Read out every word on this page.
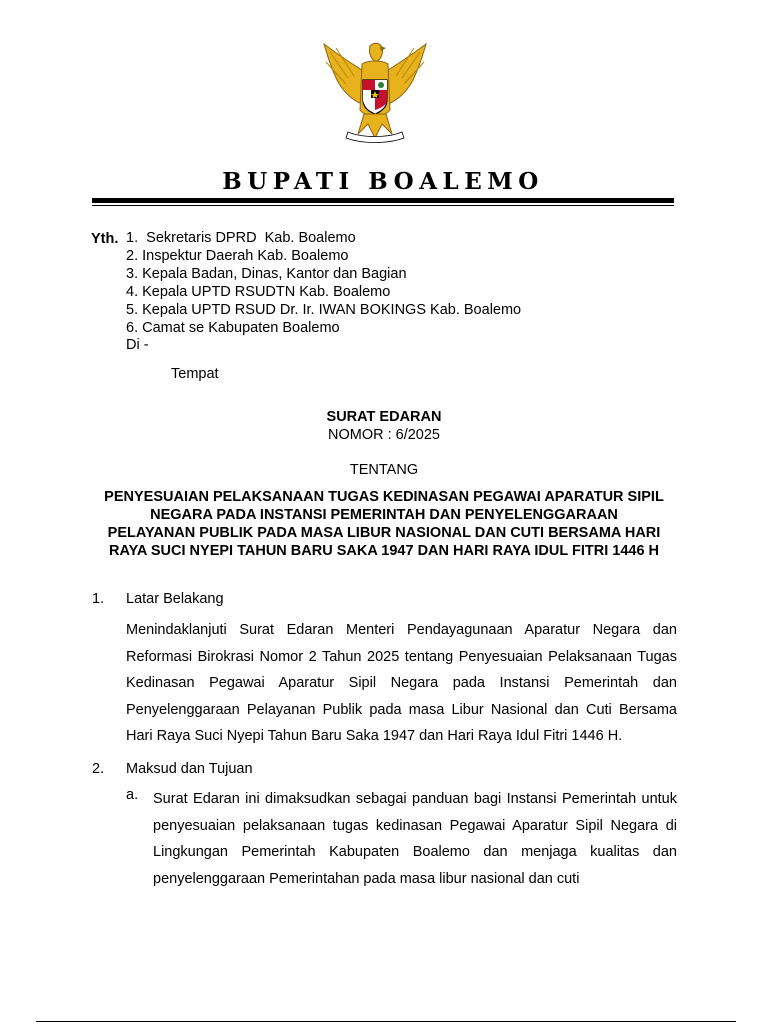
BUPATI BOALEMO
Yth. 1.  Sekretaris DPRD  Kab. Boalemo
2. Inspektur Daerah Kab. Boalemo
3. Kepala Badan, Dinas, Kantor dan Bagian
4. Kepala UPTD RSUDTN Kab. Boalemo
5. Kepala UPTD RSUD Dr. Ir. IWAN BOKINGS Kab. Boalemo
6. Camat se Kabupaten Boalemo
Di -
Tempat
SURAT EDARAN
NOMOR : 6/2025
TENTANG
PENYESUAIAN PELAKSANAAN TUGAS KEDINASAN PEGAWAI APARATUR SIPIL
NEGARA PADA INSTANSI PEMERINTAH DAN PENYELENGGARAAN
PELAYANAN PUBLIK PADA MASA LIBUR NASIONAL DAN CUTI BERSAMA HARI
RAYA SUCI NYEPI TAHUN BARU SAKA 1947 DAN HARI RAYA IDUL FITRI 1446 H
1. Latar Belakang
Menindaklanjuti Surat Edaran Menteri Pendayagunaan Aparatur Negara dan Reformasi Birokrasi Nomor 2 Tahun 2025 tentang Penyesuaian Pelaksanaan Tugas Kedinasan Pegawai Aparatur Sipil Negara pada Instansi Pemerintah dan Penyelenggaraan Pelayanan Publik pada masa Libur Nasional dan Cuti Bersama Hari Raya Suci Nyepi Tahun Baru Saka 1947 dan Hari Raya Idul Fitri 1446 H.
2. Maksud dan Tujuan
a. Surat Edaran ini dimaksudkan sebagai panduan bagi Instansi Pemerintah untuk penyesuaian pelaksanaan tugas kedinasan Pegawai Aparatur Sipil Negara di Lingkungan Pemerintah Kabupaten Boalemo dan menjaga kualitas dan penyelenggaraan Pemerintahan pada masa libur nasional dan cuti
